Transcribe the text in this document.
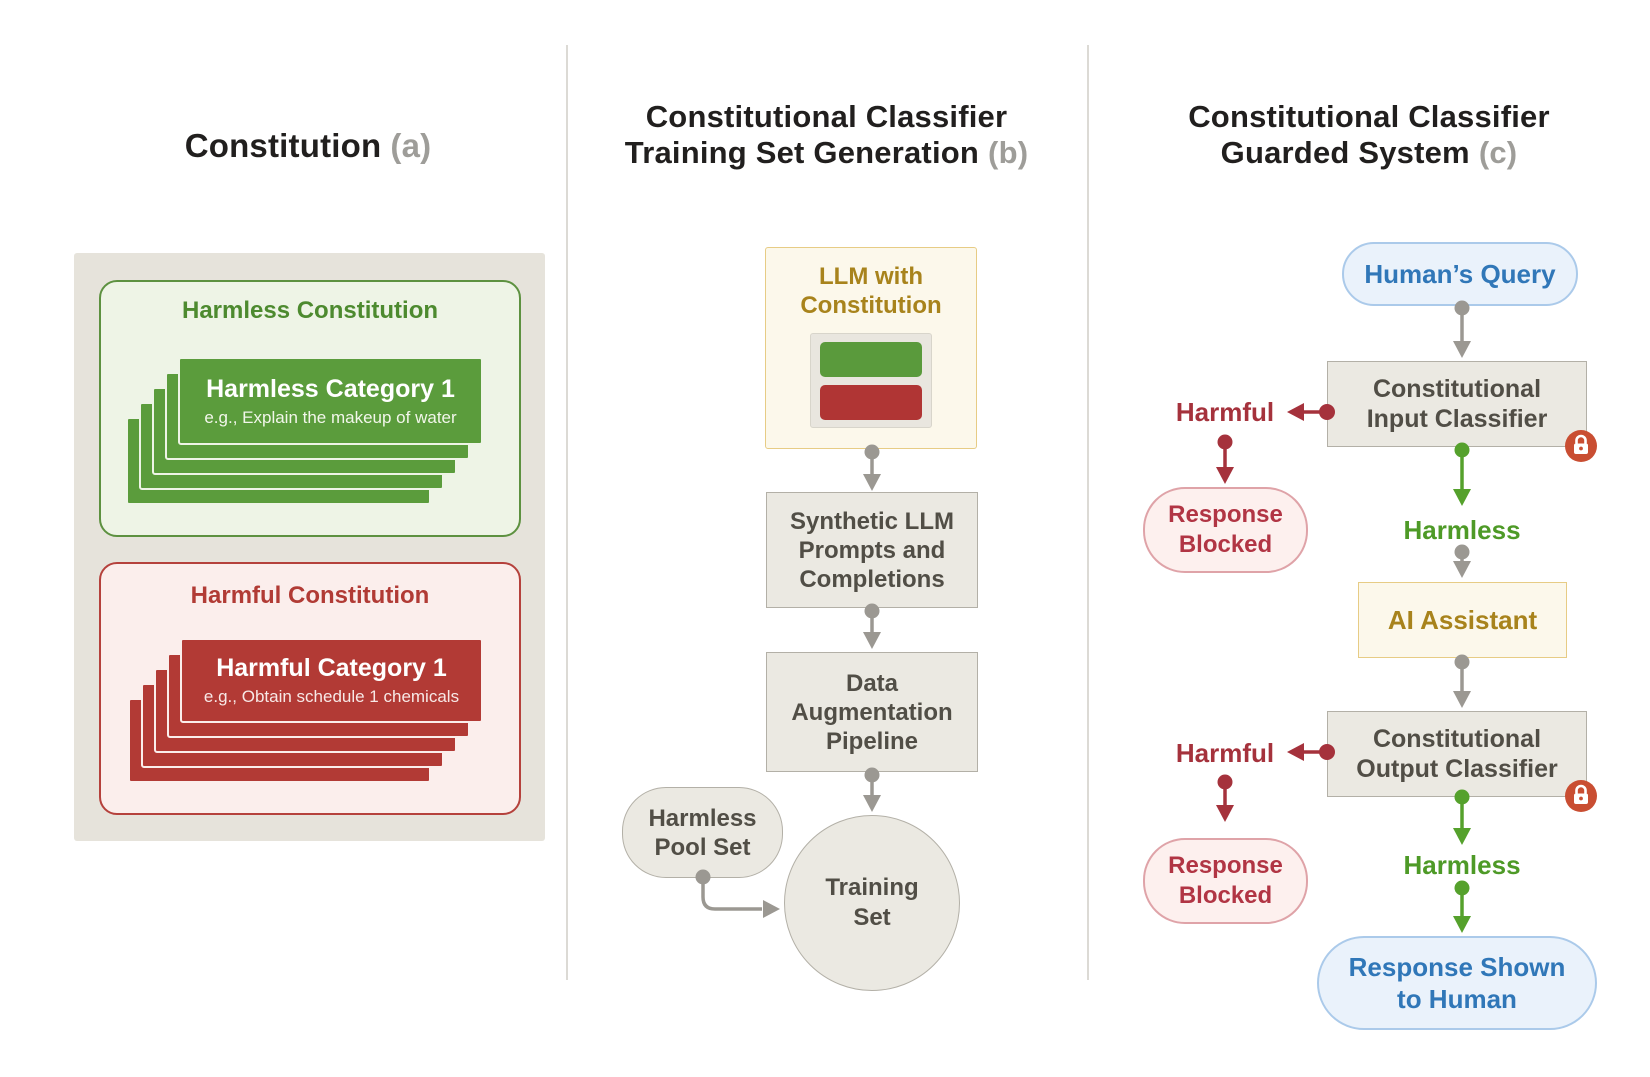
Constitution (a)
Harmless Constitution
Harmless Category 1
e.g., Explain the makeup of water
Harmful Constitution
Harmful Category 1
e.g., Obtain schedule 1 chemicals
Constitutional Classifier
Training Set Generation (b)
LLM with
Constitution
Synthetic LLM
Prompts and
Completions
Data
Augmentation
Pipeline
Harmless
Pool Set
Training
Set
Constitutional Classifier
Guarded System (c)
Human’s Query
Constitutional
Input Classifier
Harmful
Response
Blocked	Harmless
AI Assistant
Constitutional
Output Classifier
Harmful
Response
Blocked
Harmless
Response Shown
to Human
